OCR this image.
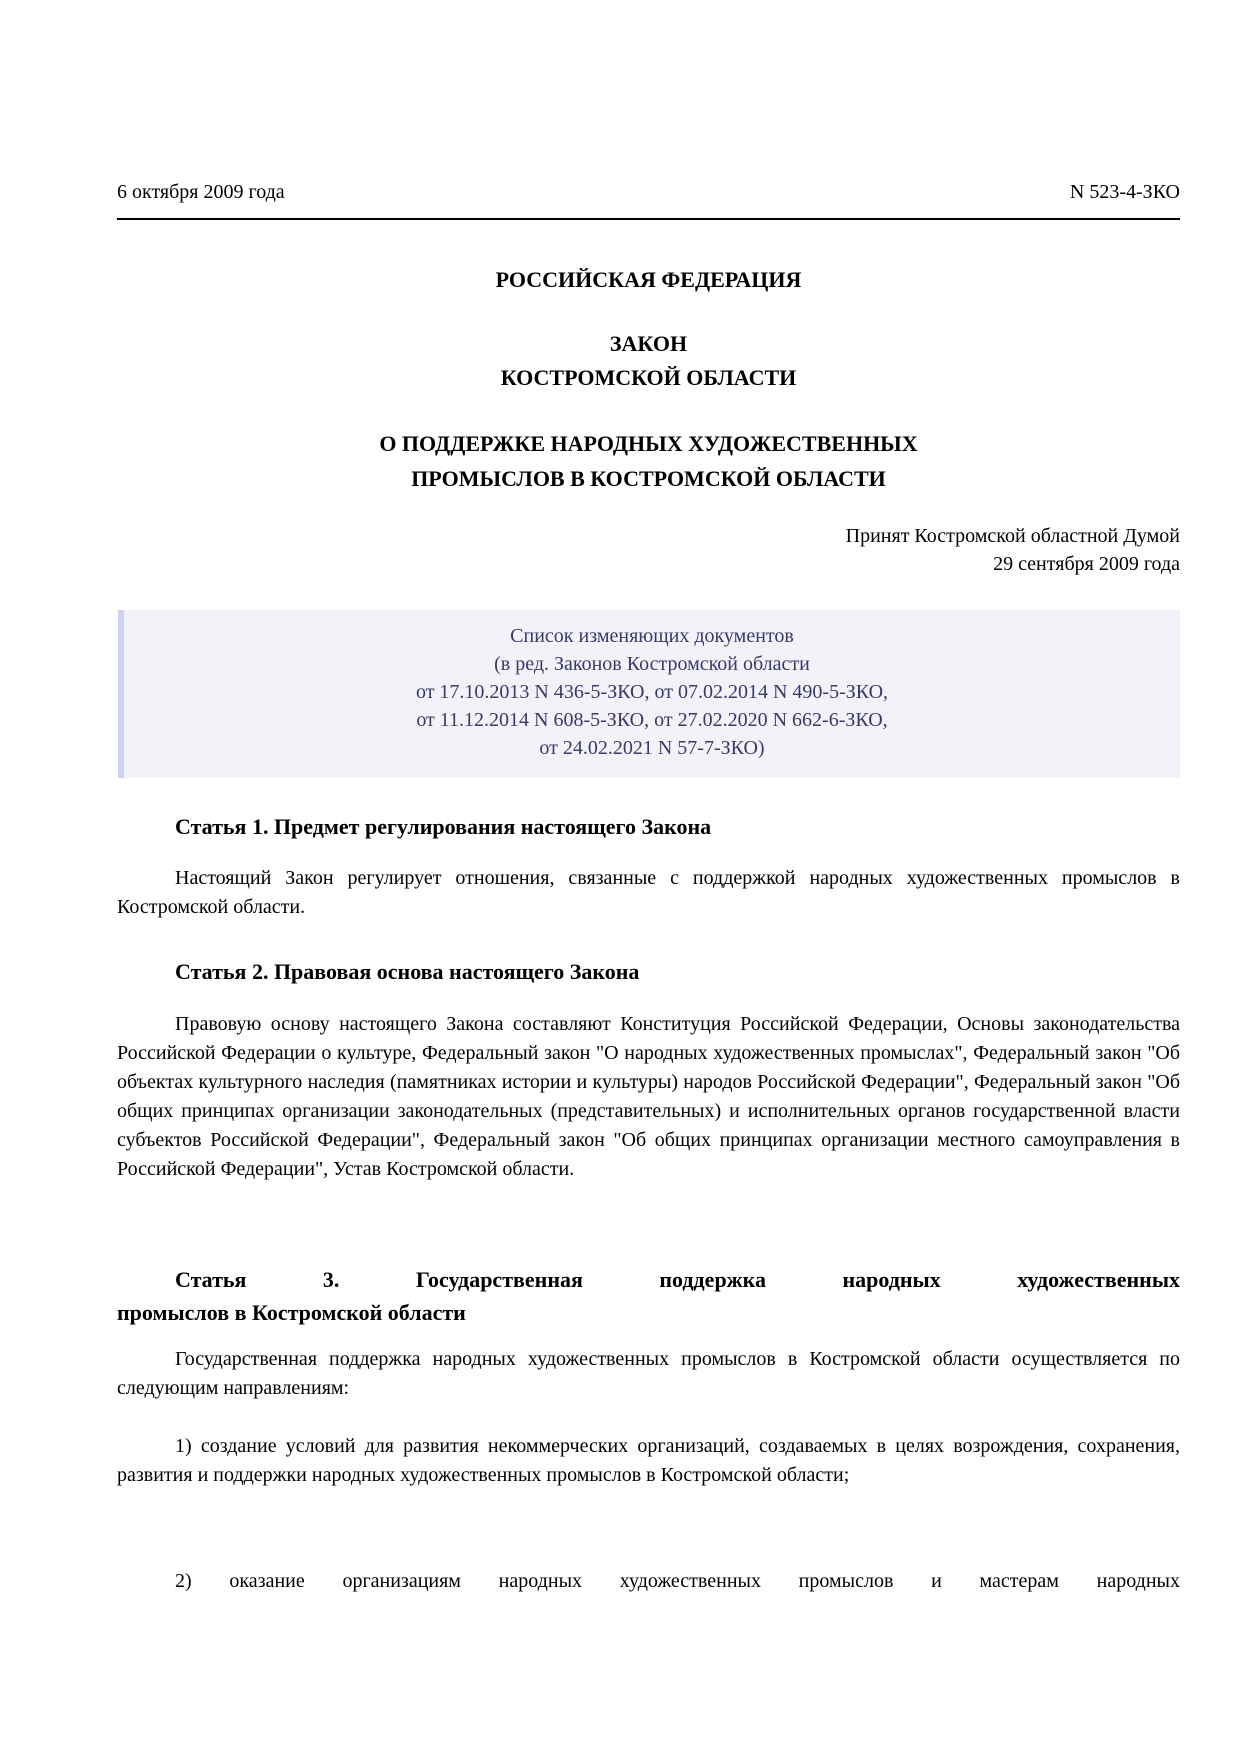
6 октября 2009 года	N 523-4-ЗКО
РОССИЙСКАЯ ФЕДЕРАЦИЯ
ЗАКОН
КОСТРОМСКОЙ ОБЛАСТИ
О ПОДДЕРЖКЕ НАРОДНЫХ ХУДОЖЕСТВЕННЫХ
ПРОМЫСЛОВ В КОСТРОМСКОЙ ОБЛАСТИ
Принят Костромской областной Думой
29 сентября 2009 года
Список изменяющих документов
(в ред. Законов Костромской области
от 17.10.2013 N 436-5-ЗКО, от 07.02.2014 N 490-5-ЗКО,
от 11.12.2014 N 608-5-ЗКО, от 27.02.2020 N 662-6-ЗКО,
от 24.02.2021 N 57-7-ЗКО)
Статья 1. Предмет регулирования настоящего Закона
Настоящий Закон регулирует отношения, связанные с поддержкой народных художественных промыслов в Костромской области.
Статья 2. Правовая основа настоящего Закона
Правовую основу настоящего Закона составляют Конституция Российской Федерации, Основы законодательства Российской Федерации о культуре, Федеральный закон "О народных художественных промыслах", Федеральный закон "Об объектах культурного наследия (памятниках истории и культуры) народов Российской Федерации", Федеральный закон "Об общих принципах организации законодательных (представительных) и исполнительных органов государственной власти субъектов Российской Федерации", Федеральный закон "Об общих принципах организации местного самоуправления в Российской Федерации", Устав Костромской области.
Статья 3. Государственная поддержка народных художественных
промыслов в Костромской области
Государственная поддержка народных художественных промыслов в Костромской области осуществляется по следующим направлениям:
1) создание условий для развития некоммерческих организаций, создаваемых в целях возрождения, сохранения, развития и поддержки народных художественных промыслов в Костромской области;
2) оказание организациям народных художественных промыслов и мастерам народных
